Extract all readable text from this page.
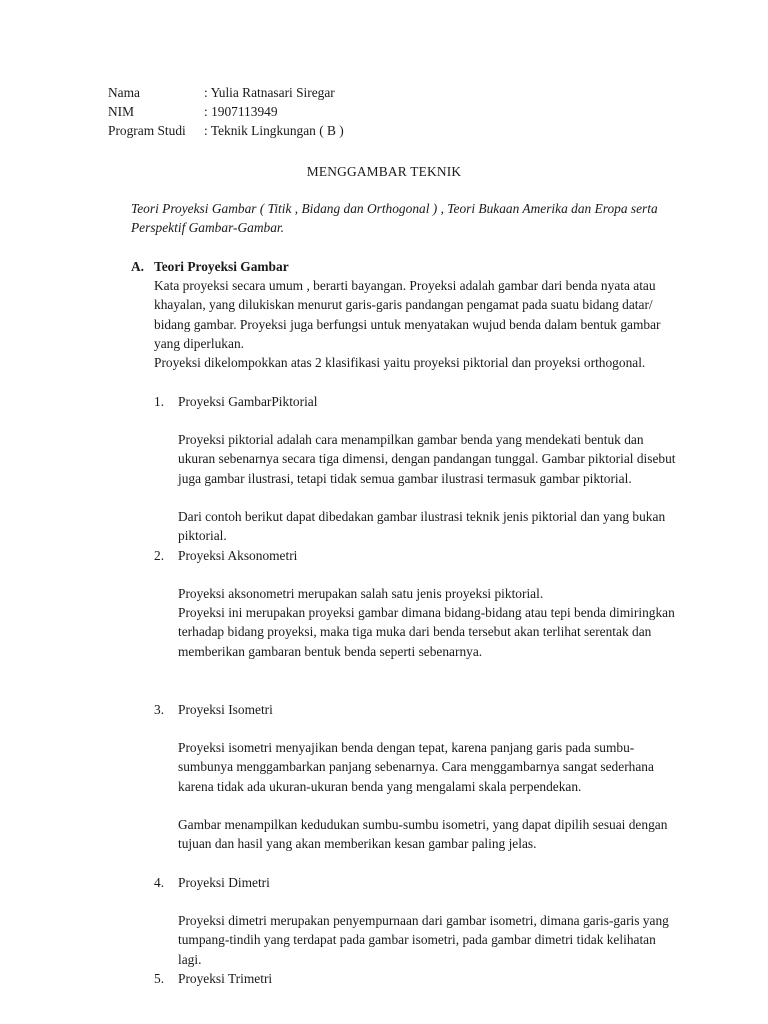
Nama	: Yulia Ratnasari Siregar
NIM	: 1907113949
Program Studi : Teknik Lingkungan ( B )
MENGGAMBAR TEKNIK
Teori Proyeksi Gambar ( Titik , Bidang dan Orthogonal ) , Teori Bukaan Amerika dan Eropa serta Perspektif Gambar-Gambar.
A. Teori Proyeksi Gambar
Kata proyeksi secara umum , berarti bayangan. Proyeksi adalah gambar dari benda nyata atau khayalan, yang dilukiskan menurut garis-garis pandangan pengamat pada suatu bidang datar/ bidang gambar. Proyeksi juga berfungsi untuk menyatakan wujud benda dalam bentuk gambar yang diperlukan.
Proyeksi dikelompokkan atas 2 klasifikasi yaitu proyeksi piktorial dan proyeksi orthogonal.
1. Proyeksi GambarPiktorial
Proyeksi piktorial adalah cara menampilkan gambar benda yang mendekati bentuk dan ukuran sebenarnya secara tiga dimensi, dengan pandangan tunggal. Gambar piktorial disebut juga gambar ilustrasi, tetapi tidak semua gambar ilustrasi termasuk gambar piktorial.
Dari contoh berikut dapat dibedakan gambar ilustrasi teknik jenis piktorial dan yang bukan piktorial.
2. Proyeksi Aksonometri
Proyeksi aksonometri merupakan salah satu jenis proyeksi piktorial.
Proyeksi ini merupakan proyeksi gambar dimana bidang-bidang atau tepi benda dimiringkan terhadap bidang proyeksi, maka tiga muka dari benda tersebut akan terlihat serentak dan memberikan gambaran bentuk benda seperti sebenarnya.
3. Proyeksi Isometri
Proyeksi isometri menyajikan benda dengan tepat, karena panjang garis pada sumbu-sumbunya menggambarkan panjang sebenarnya. Cara menggambarnya sangat sederhana karena tidak ada ukuran-ukuran benda yang mengalami skala perpendekan.
Gambar menampilkan kedudukan sumbu-sumbu isometri, yang dapat dipilih sesuai dengan tujuan dan hasil yang akan memberikan kesan gambar paling jelas.
4. Proyeksi Dimetri
Proyeksi dimetri merupakan penyempurnaan dari gambar isometri, dimana garis-garis yang tumpang-tindih yang terdapat pada gambar isometri, pada gambar dimetri tidak kelihatan lagi.
5. Proyeksi Trimetri
